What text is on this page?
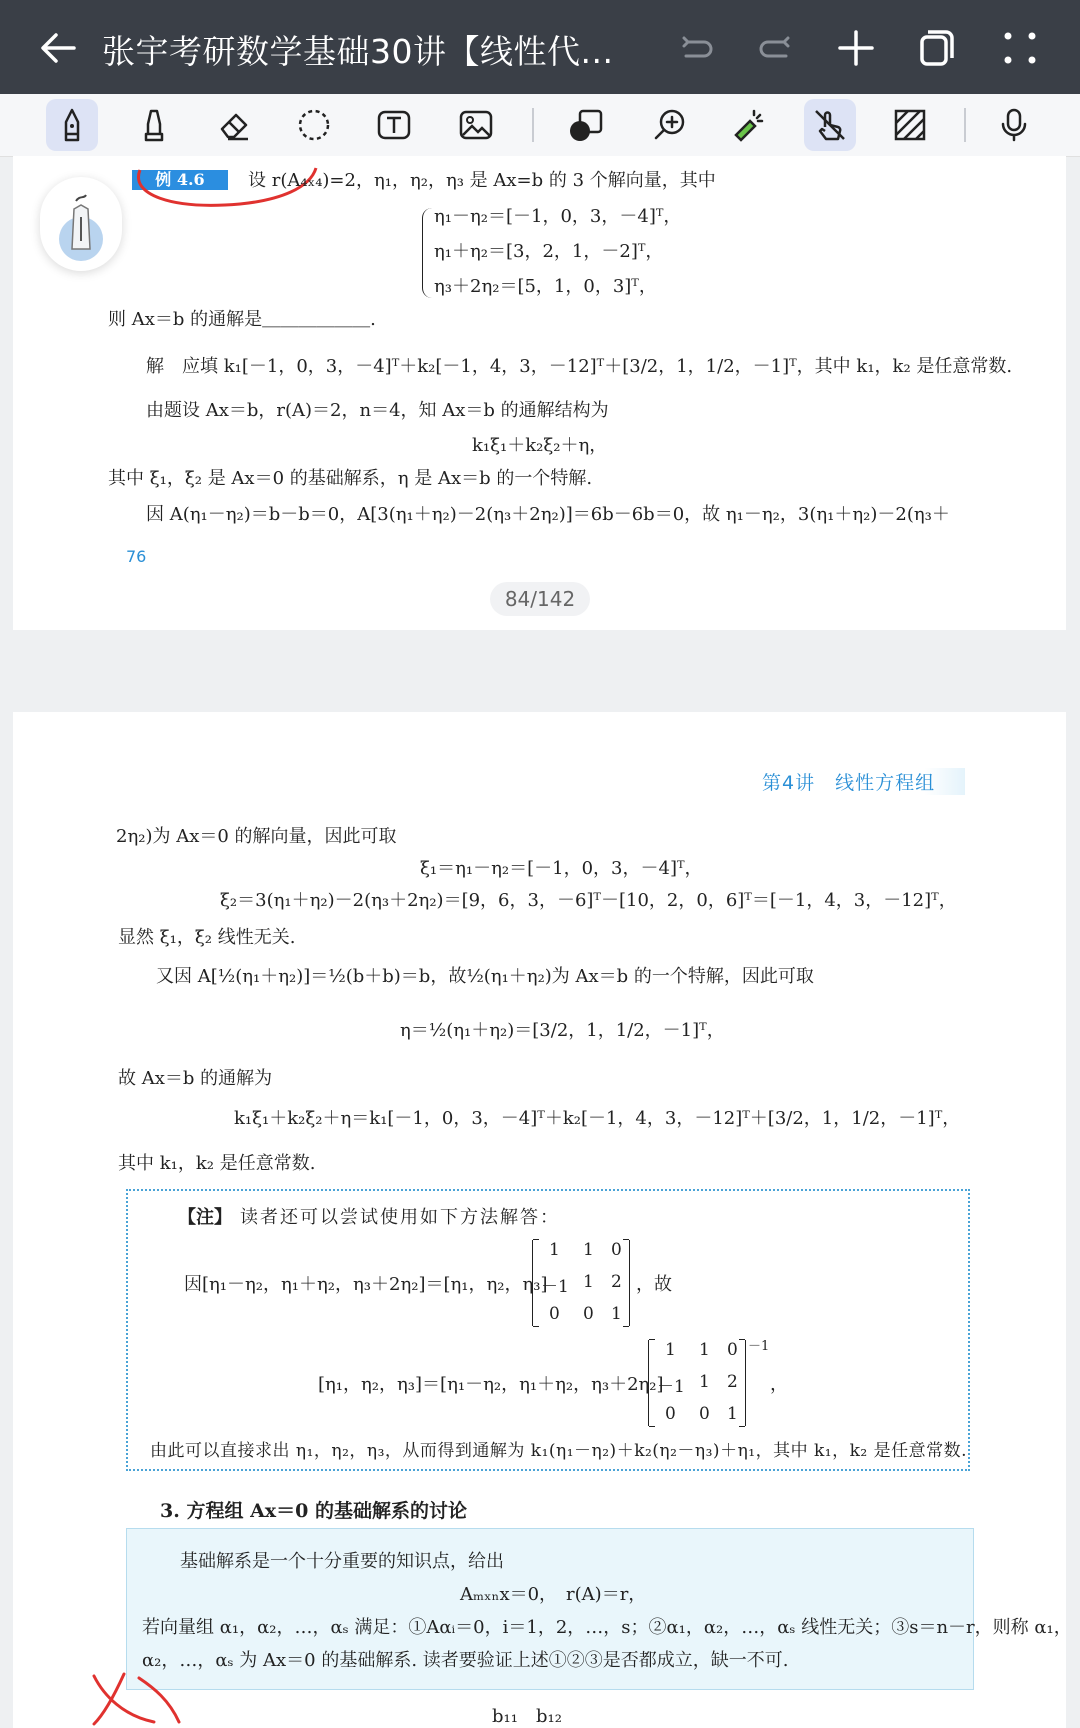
张宇考研数学基础30讲【线性代...
例 4.6	设 r(A₄ₓ₄)=2，η₁，η₂，η₃ 是 Ax=b 的 3 个解向量，其中
η₁－η₂＝[－1，0，3，－4]ᵀ，
η₁＋η₂＝[3，2，1，－2]ᵀ，
η₃＋2η₂＝[5，1，0，3]ᵀ，
则 Ax＝b 的通解是＿＿＿＿＿＿.
解　应填 k₁[－1，0，3，－4]ᵀ＋k₂[－1，4，3，－12]ᵀ＋[3/2，1，1/2，－1]ᵀ，其中 k₁，k₂ 是任意常数.
由题设 Ax＝b，r(A)＝2，n＝4，知 Ax＝b 的通解结构为
k₁ξ₁＋k₂ξ₂＋η，
其中 ξ₁，ξ₂ 是 Ax＝0 的基础解系，η 是 Ax＝b 的一个特解.
因 A(η₁－η₂)＝b－b＝0，A[3(η₁＋η₂)－2(η₃＋2η₂)]＝6b－6b＝0，故 η₁－η₂，3(η₁＋η₂)－2(η₃＋
76
84/142
第4讲　线性方程组
2η₂)为 Ax＝0 的解向量，因此可取
ξ₁＝η₁－η₂＝[－1，0，3，－4]ᵀ，
ξ₂＝3(η₁＋η₂)－2(η₃＋2η₂)＝[9，6，3，－6]ᵀ－[10，2，0，6]ᵀ＝[－1，4，3，－12]ᵀ，
显然 ξ₁，ξ₂ 线性无关.
又因 A[½(η₁＋η₂)]＝½(b＋b)＝b，故½(η₁＋η₂)为 Ax＝b 的一个特解，因此可取
η＝½(η₁＋η₂)＝[3/2，1，1/2，－1]ᵀ，
故 Ax＝b 的通解为
k₁ξ₁＋k₂ξ₂＋η＝k₁[－1，0，3，－4]ᵀ＋k₂[－1，4，3，－12]ᵀ＋[3/2，1，1/2，－1]ᵀ，
其中 k₁，k₂ 是任意常数.
【注】 读者还可以尝试使用如下方法解答：
因[η₁－η₂，η₁＋η₂，η₃＋2η₂]＝[η₁，η₂，η₃]
1 1 0
－1 1 2
0 0 1
，故
[η₁，η₂，η₃]＝[η₁－η₂，η₁＋η₂，η₃＋2η₂]
1 1 0
－1 1 2
0 0 1
－1
，
由此可以直接求出 η₁，η₂，η₃，从而得到通解为 k₁(η₁－η₂)＋k₂(η₂－η₃)＋η₁，其中 k₁，k₂ 是任意常数.
3. 方程组 Ax＝0 的基础解系的讨论
基础解系是一个十分重要的知识点，给出
Aₘₓₙx＝0，　r(A)＝r，
若向量组 α₁，α₂，…，αₛ 满足：①Aαᵢ＝0，i＝1，2，…，s；②α₁，α₂，…，αₛ 线性无关；③s＝n－r，则称 α₁，
α₂，…，αₛ 为 Ax＝0 的基础解系. 读者要验证上述①②③是否都成立，缺一不可.
b₁₁　b₁₂
